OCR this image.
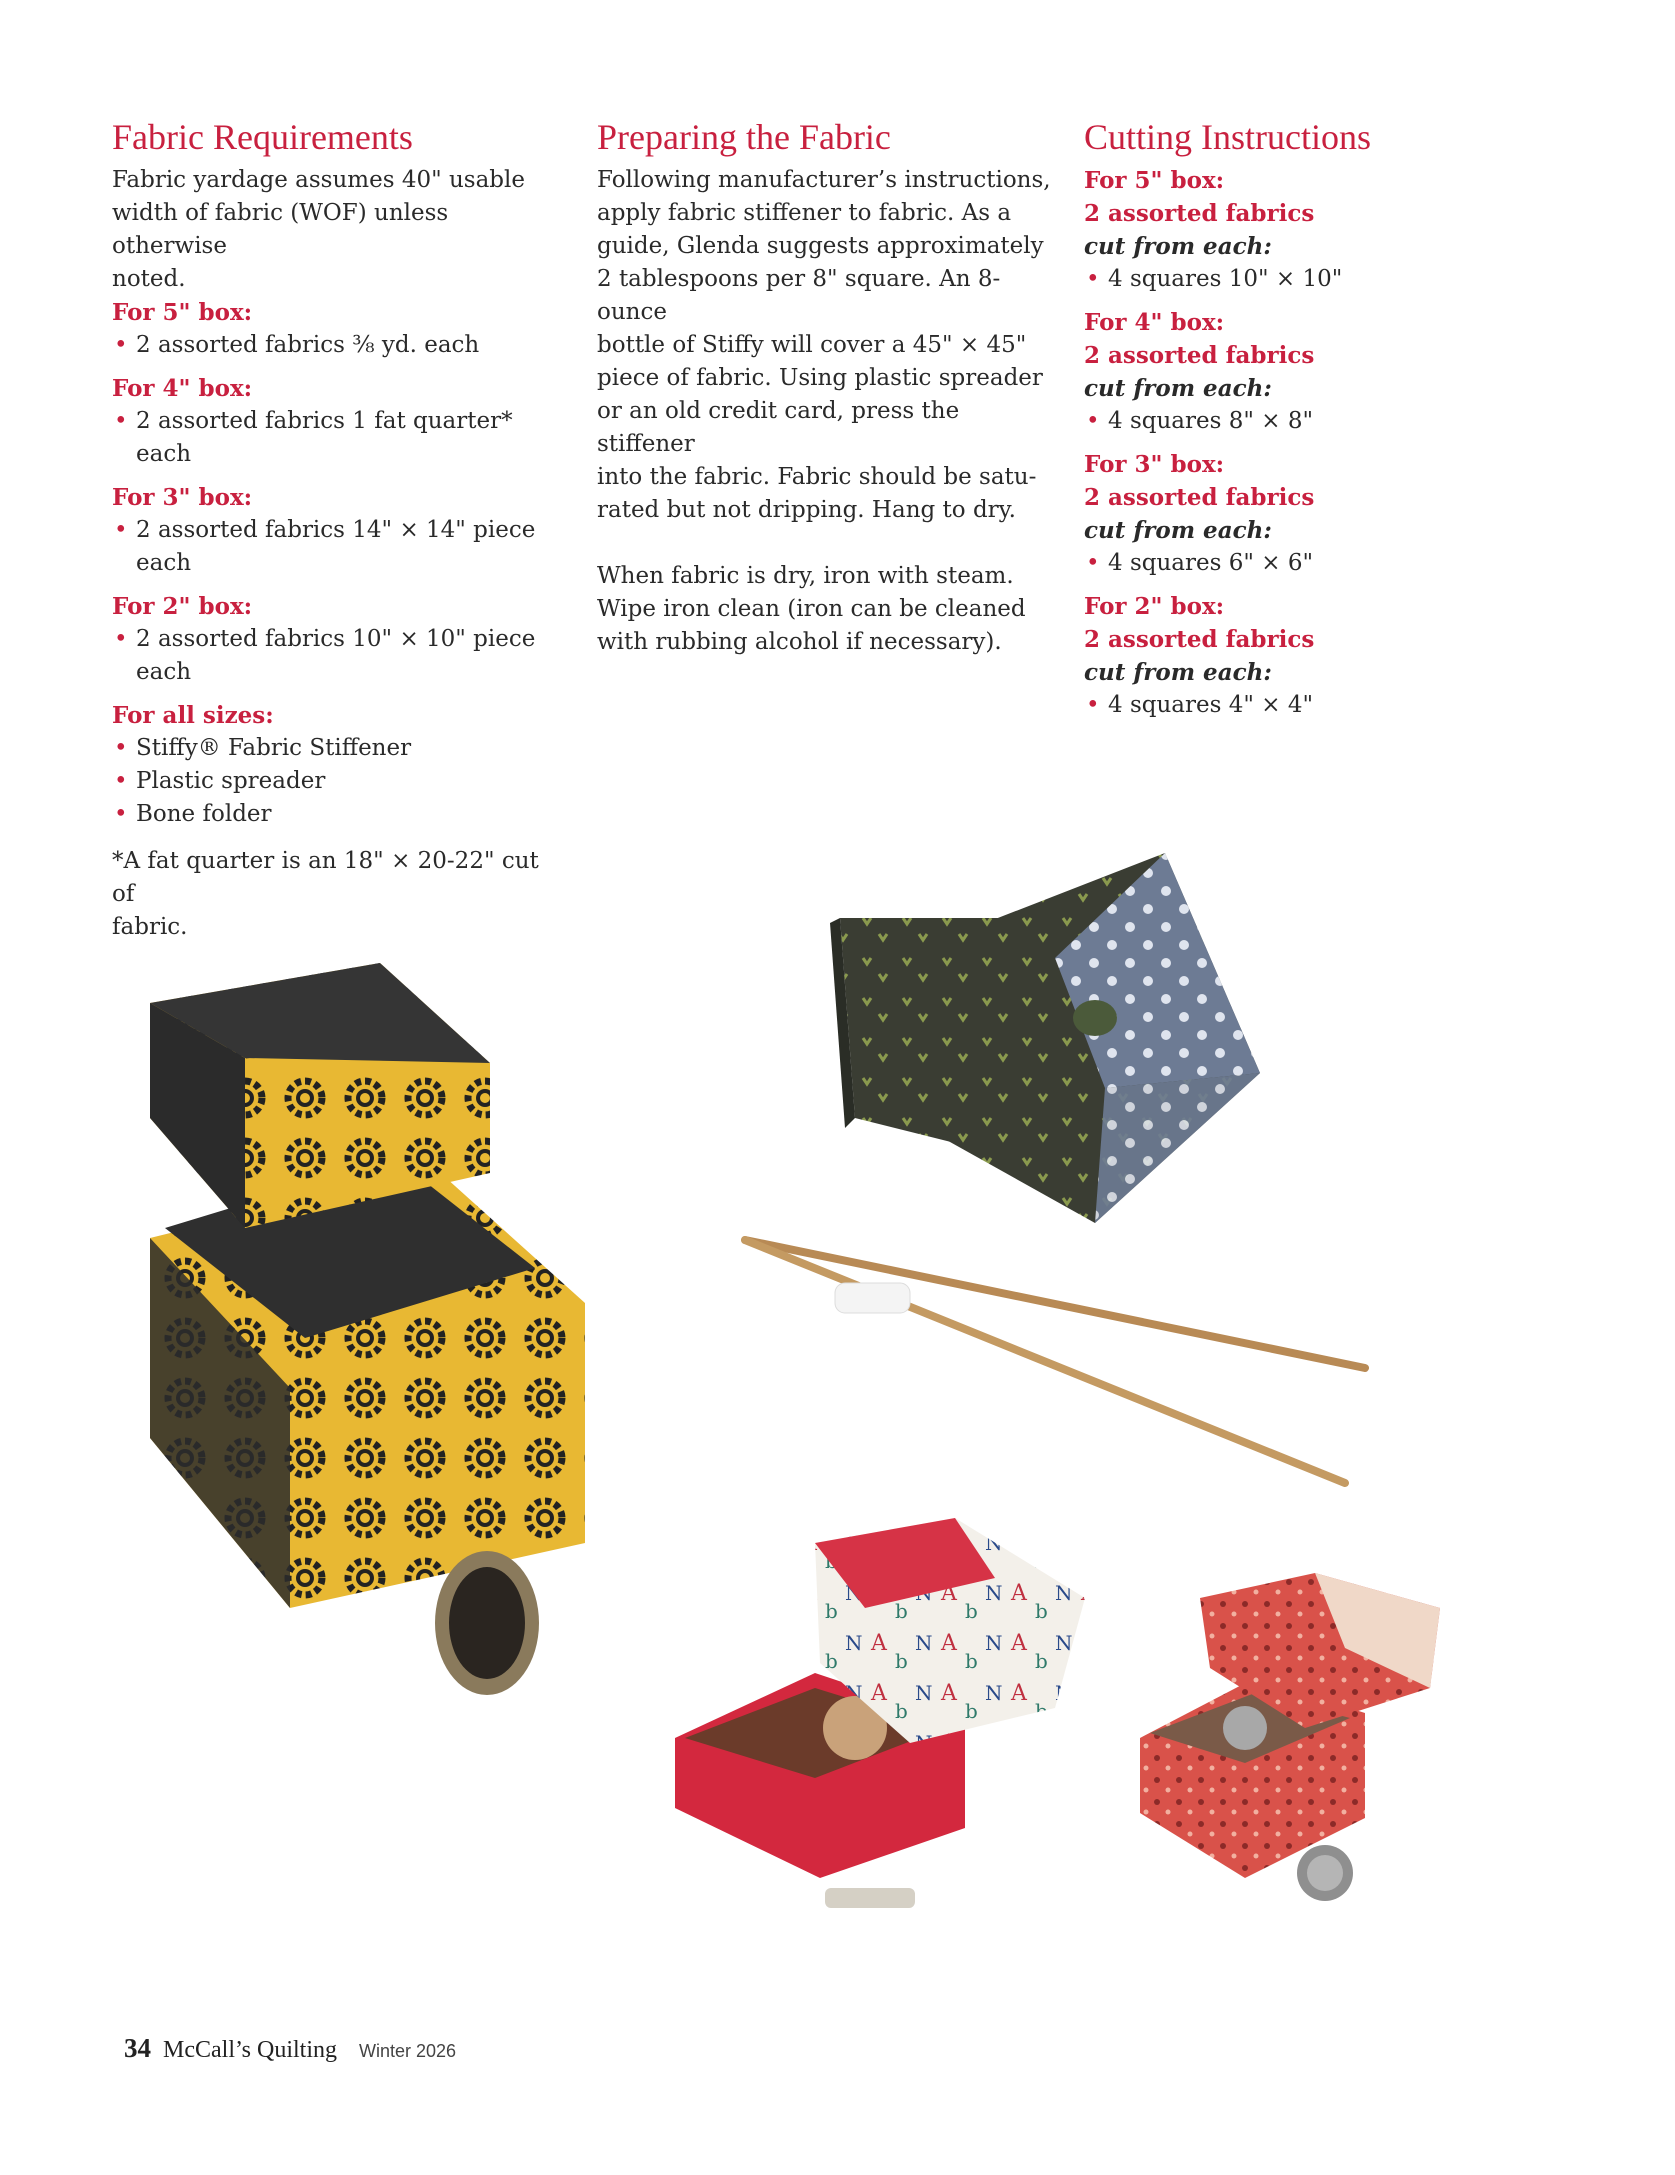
Fabric Requirements

Fabric yardage assumes 40" usable

width of fabric (WOF) unless otherwise

noted.

For 5" box:
• 2 assorted fabrics ⅜ yd. each
For 4" box:
• 2 assorted fabrics 1 fat quarter* each
For 3" box:
• 2 assorted fabrics 14" × 14" piece each
For 2" box:
• 2 assorted fabrics 10" × 10" piece each
For all sizes:
• Stiffy® Fabric Stiffener
• Plastic spreader
• Bone folder

*A fat quarter is an 18" × 20-22" cut of

fabric.

Preparing the Fabric

Following manufacturer’s instructions,

apply fabric stiffener to fabric. As a

guide, Glenda suggests approximately

2 tablespoons per 8" square. An 8-ounce

bottle of Stiffy will cover a 45" × 45"

piece of fabric. Using plastic spreader

or an old credit card, press the stiffener

into the fabric. Fabric should be satu-

rated but not dripping. Hang to dry.

When fabric is dry, iron with steam.

Wipe iron clean (iron can be cleaned

with rubbing alcohol if necessary).

Cutting Instructions
For 5" box:
2 assorted fabrics
cut from each:
• 4 squares 10" × 10"
For 4" box:
2 assorted fabrics
cut from each:
• 4 squares 8" × 8"
For 3" box:
2 assorted fabrics
cut from each:
• 4 squares 6" × 6"
For 2" box:
2 assorted fabrics
cut from each:
• 4 squares 4" × 4"
34 McCall’s Quilting Winter 2026
